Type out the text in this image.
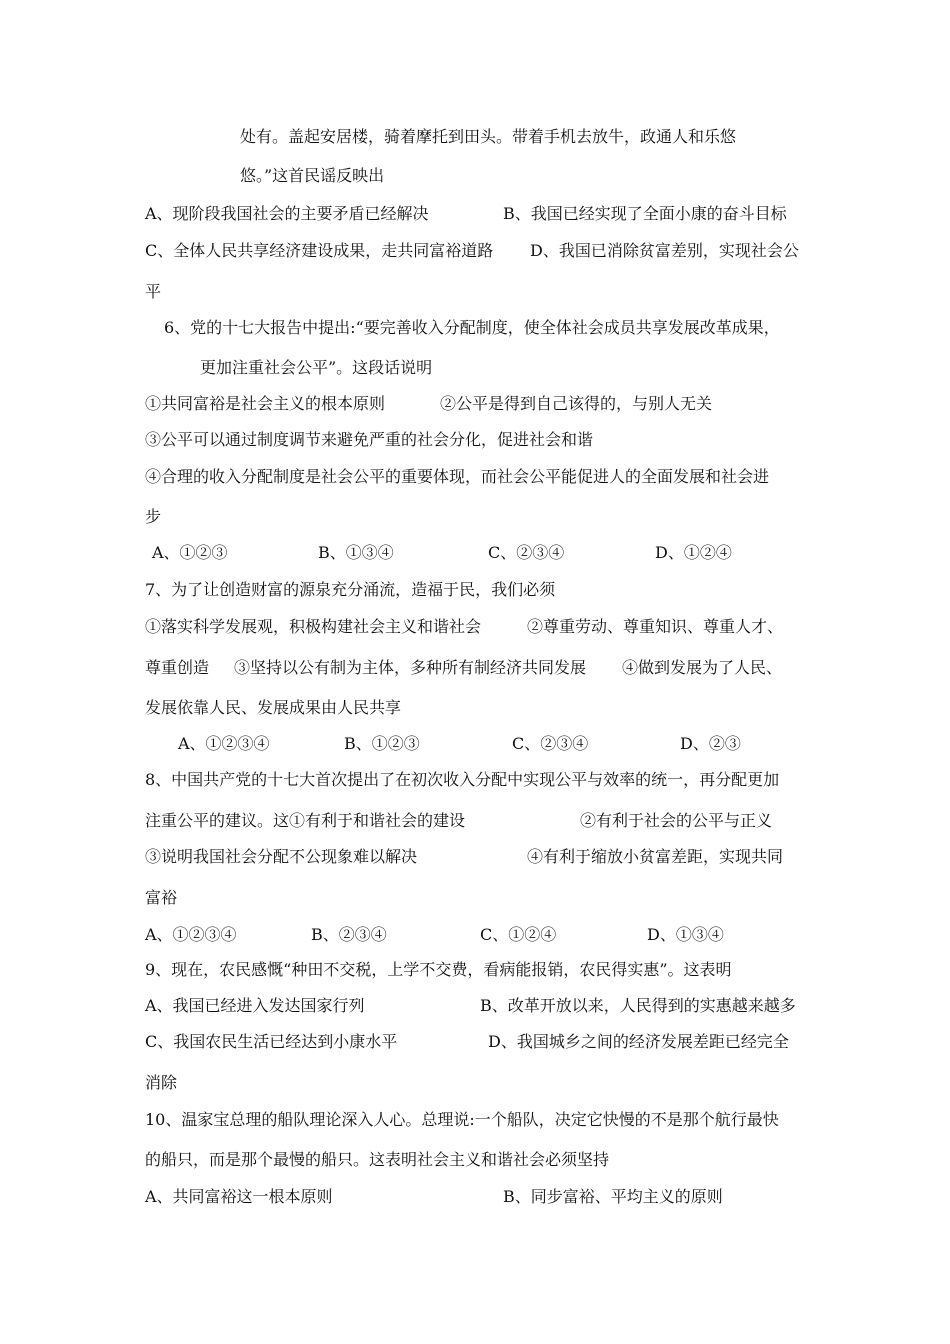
处有。盖起安居楼，骑着摩托到田头。带着手机去放牛，政通人和乐悠
悠。”这首民谣反映出
A、现阶段我国社会的主要矛盾已经解决	B、我国已经实现了全面小康的奋斗目标
C、全体人民共享经济建设成果，走共同富裕道路 D、我国已消除贫富差别，实现社会公
平
6、党的十七大报告中提出:“要完善收入分配制度，使全体社会成员共享发展改革成果，
更加注重社会公平”。这段话说明
①共同富裕是社会主义的根本原则	②公平是得到自己该得的，与别人无关
③公平可以通过制度调节来避免严重的社会分化，促进社会和谐
④合理的收入分配制度是社会公平的重要体现，而社会公平能促进人的全面发展和社会进
步
A、①②③	B、①③④	C、②③④	D、①②④
7、为了让创造财富的源泉充分涌流，造福于民，我们必须
①落实科学发展观，积极构建社会主义和谐社会	②尊重劳动、尊重知识、尊重人才、
尊重创造 ③坚持以公有制为主体，多种所有制经济共同发展 ④做到发展为了人民、
发展依靠人民、发展成果由人民共享
A、①②③④	B、①②③	C、②③④	D、②③
8、中国共产党的十七大首次提出了在初次收入分配中实现公平与效率的统一，再分配更加
注重公平的建议。这①有利于和谐社会的建设	②有利于社会的公平与正义
③说明我国社会分配不公现象难以解决	④有利于缩放小贫富差距，实现共同
富裕
A、①②③④	B、②③④	C、①②④	D、①③④
9、现在，农民感慨“种田不交税，上学不交费，看病能报销，农民得实惠”。这表明
A、我国已经进入发达国家行列	B、改革开放以来，人民得到的实惠越来越多
C、我国农民生活已经达到小康水平	D、我国城乡之间的经济发展差距已经完全
消除
10、温家宝总理的船队理论深入人心。总理说:一个船队，决定它快慢的不是那个航行最快
的船只，而是那个最慢的船只。这表明社会主义和谐社会必须坚持
A、共同富裕这一根本原则	B、同步富裕、平均主义的原则
